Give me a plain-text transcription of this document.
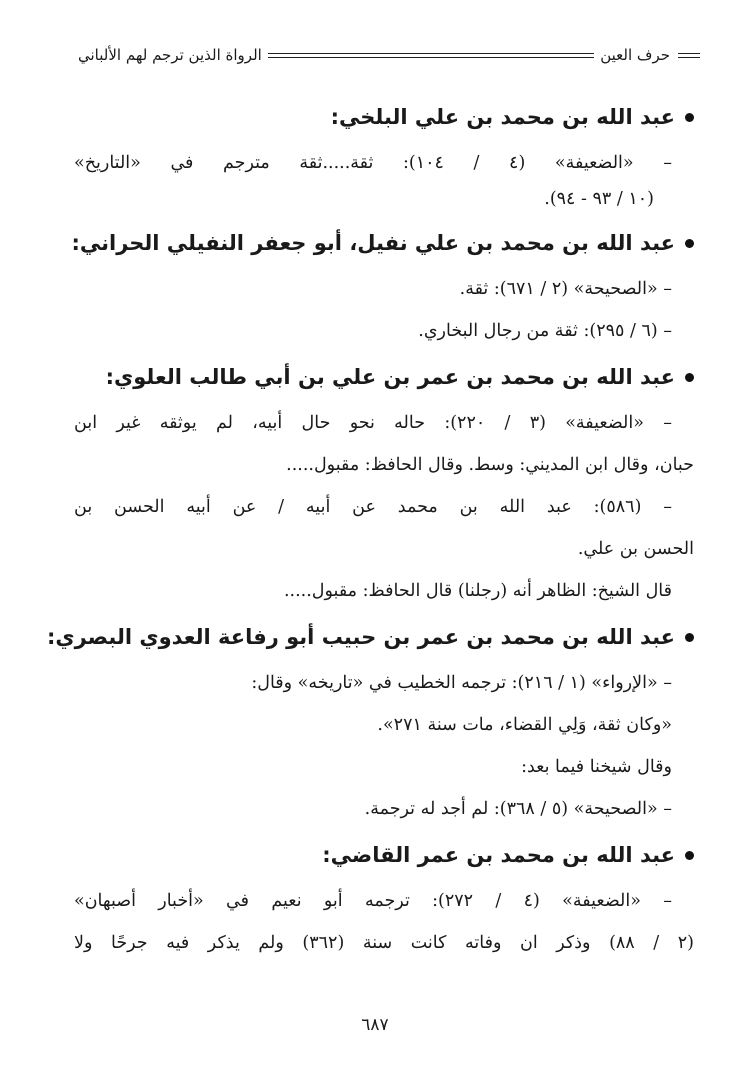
حرف العين
الرواة الذين ترجم لهم الألباني
عبد الله بن محمد بن علي البلخي:

– «الضعيفة» (٤ / ١٠٤): ثقة.....ثقة مترجم في «التاريخ»

(١٠ / ٩٣ - ٩٤).

عبد الله بن محمد بن علي نفيل، أبو جعفر النفيلي الحراني:

– «الصحيحة» (٢ / ٦٧١): ثقة.

– (٦ / ٢٩٥): ثقة من رجال البخاري.

عبد الله بن محمد بن عمر بن علي بن أبي طالب العلوي:

– «الضعيفة» (٣ / ٢٢٠): حاله نحو حال أبيه، لم يوثقه غير ابن

حبان، وقال ابن المديني: وسط. وقال الحافظ: مقبول.....

– (٥٨٦): عبد الله بن محمد عن أبيه / عن أبيه الحسن بن

الحسن بن علي.

قال الشيخ: الظاهر أنه (رجلنا) قال الحافظ: مقبول.....

عبد الله بن محمد بن عمر بن حبيب أبو رفاعة العدوي البصري:

– «الإرواء» (١ / ٢١٦): ترجمه الخطيب في «تاريخه» وقال:

«وكان ثقة، وَلِي القضاء، مات سنة ٢٧١».

وقال شيخنا فيما بعد:

– «الصحيحة» (٥ / ٣٦٨): لم أجد له ترجمة.

عبد الله بن محمد بن عمر القاضي:

– «الضعيفة» (٤ / ٢٧٢): ترجمه أبو نعيم في «أخبار أصبهان»

(٢ / ٨٨) وذكر ان وفاته كانت سنة (٣٦٢) ولم يذكر فيه جرحًا ولا

٦٨٧
